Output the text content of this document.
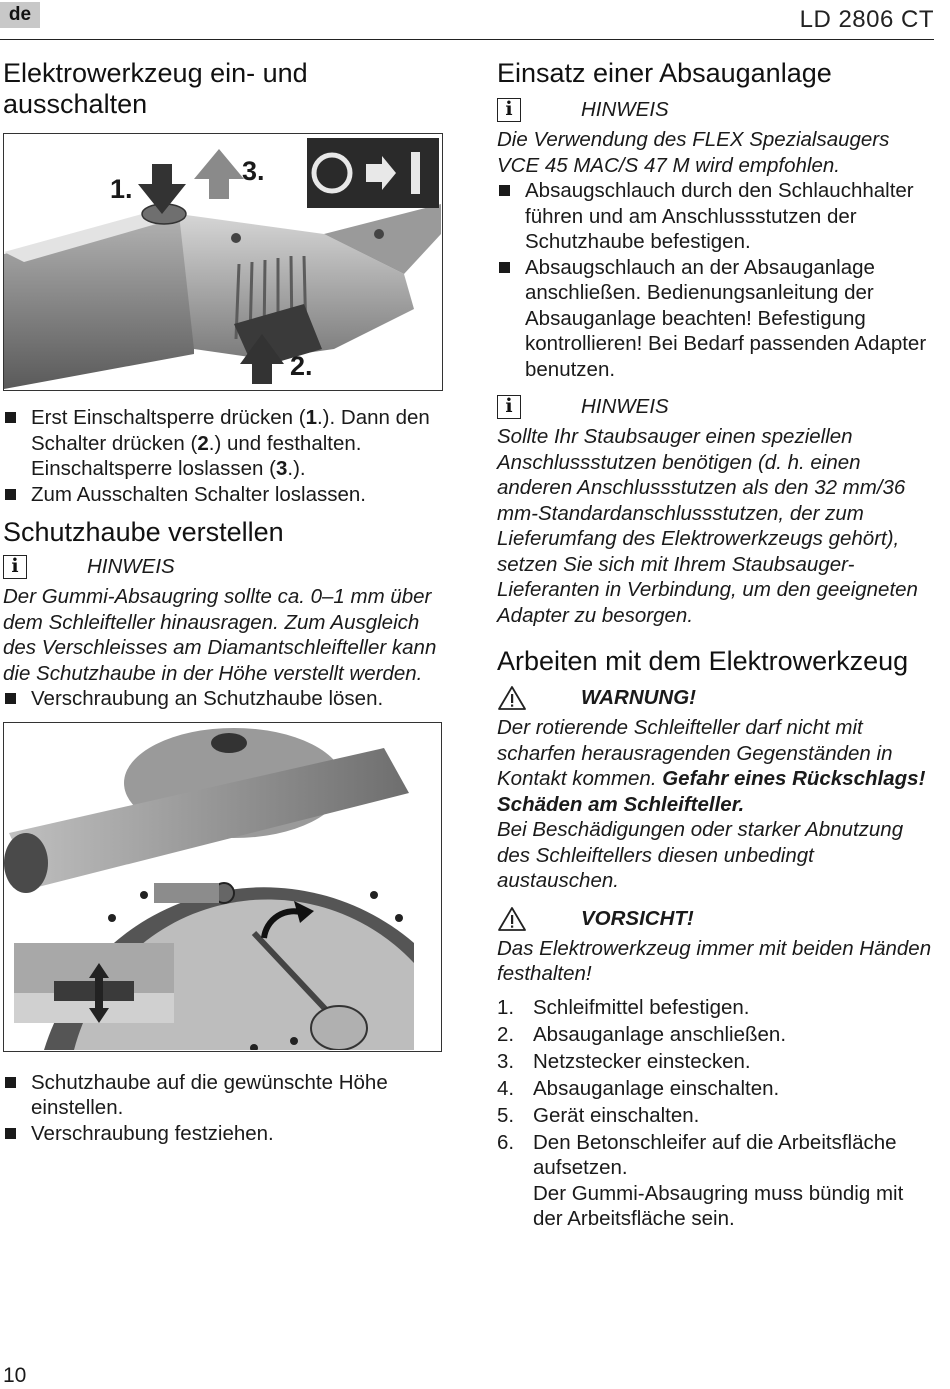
de	LD 2806 CT
Elektrowerkzeug ein- und ausschalten
1.
3.
2.
Erst Einschaltsperre drücken (1.). Dann den Schalter drücken (2.) und festhalten. Einschaltsperre loslassen (3.).
Zum Ausschalten Schalter loslassen.
Schutzhaube verstellen
i	HINWEIS

Der Gummi-Absaugring sollte ca. 0–1 mm über dem Schleifteller hinausragen. Zum Ausgleich des Verschleisses am Diamantschleifteller kann die Schutzhaube in der Höhe verstellt werden.

Verschraubung an Schutzhaube lösen.
Schutzhaube auf die gewünschte Höhe einstellen.
Verschraubung festziehen.
Einsatz einer Absauganlage
i	HINWEIS

Die Verwendung des FLEX Spezialsaugers VCE 45 MAC/S 47 M wird empfohlen.

Absaugschlauch durch den Schlauchhalter führen und am Anschlussstutzen der Schutzhaube befestigen.
Absaugschlauch an der Absauganlage anschließen. Bedienungsanleitung der Absauganlage beachten! Befestigung kontrollieren! Bei Bedarf passenden Adapter benutzen.
i	HINWEIS

Sollte Ihr Staubsauger einen speziellen Anschlussstutzen benötigen (d. h. einen anderen Anschlussstutzen als den 32 mm/36 mm-Standardanschlussstutzen, der zum Lieferumfang des Elektrowerkzeugs gehört), setzen Sie sich mit Ihrem Staubsauger-Lieferanten in Verbindung, um den geeigneten Adapter zu besorgen.

Arbeiten mit dem Elektrowerkzeug
WARNUNG!

Der rotierende Schleifteller darf nicht mit scharfen herausragenden Gegenständen in Kontakt kommen. Gefahr eines Rückschlags! Schäden am Schleifteller.

Bei Beschädigungen oder starker Abnutzung des Schleiftellers diesen unbedingt austauschen.

VORSICHT!

Das Elektrowerkzeug immer mit beiden Händen festhalten!

1. Schleifmittel befestigen.
2. Absauganlage anschließen.
3. Netzstecker einstecken.
4. Absauganlage einschalten.
5. Gerät einschalten.
6. Den Betonschleifer auf die Arbeitsfläche aufsetzen.
Der Gummi-Absaugring muss bündig mit der Arbeitsfläche sein.
10
